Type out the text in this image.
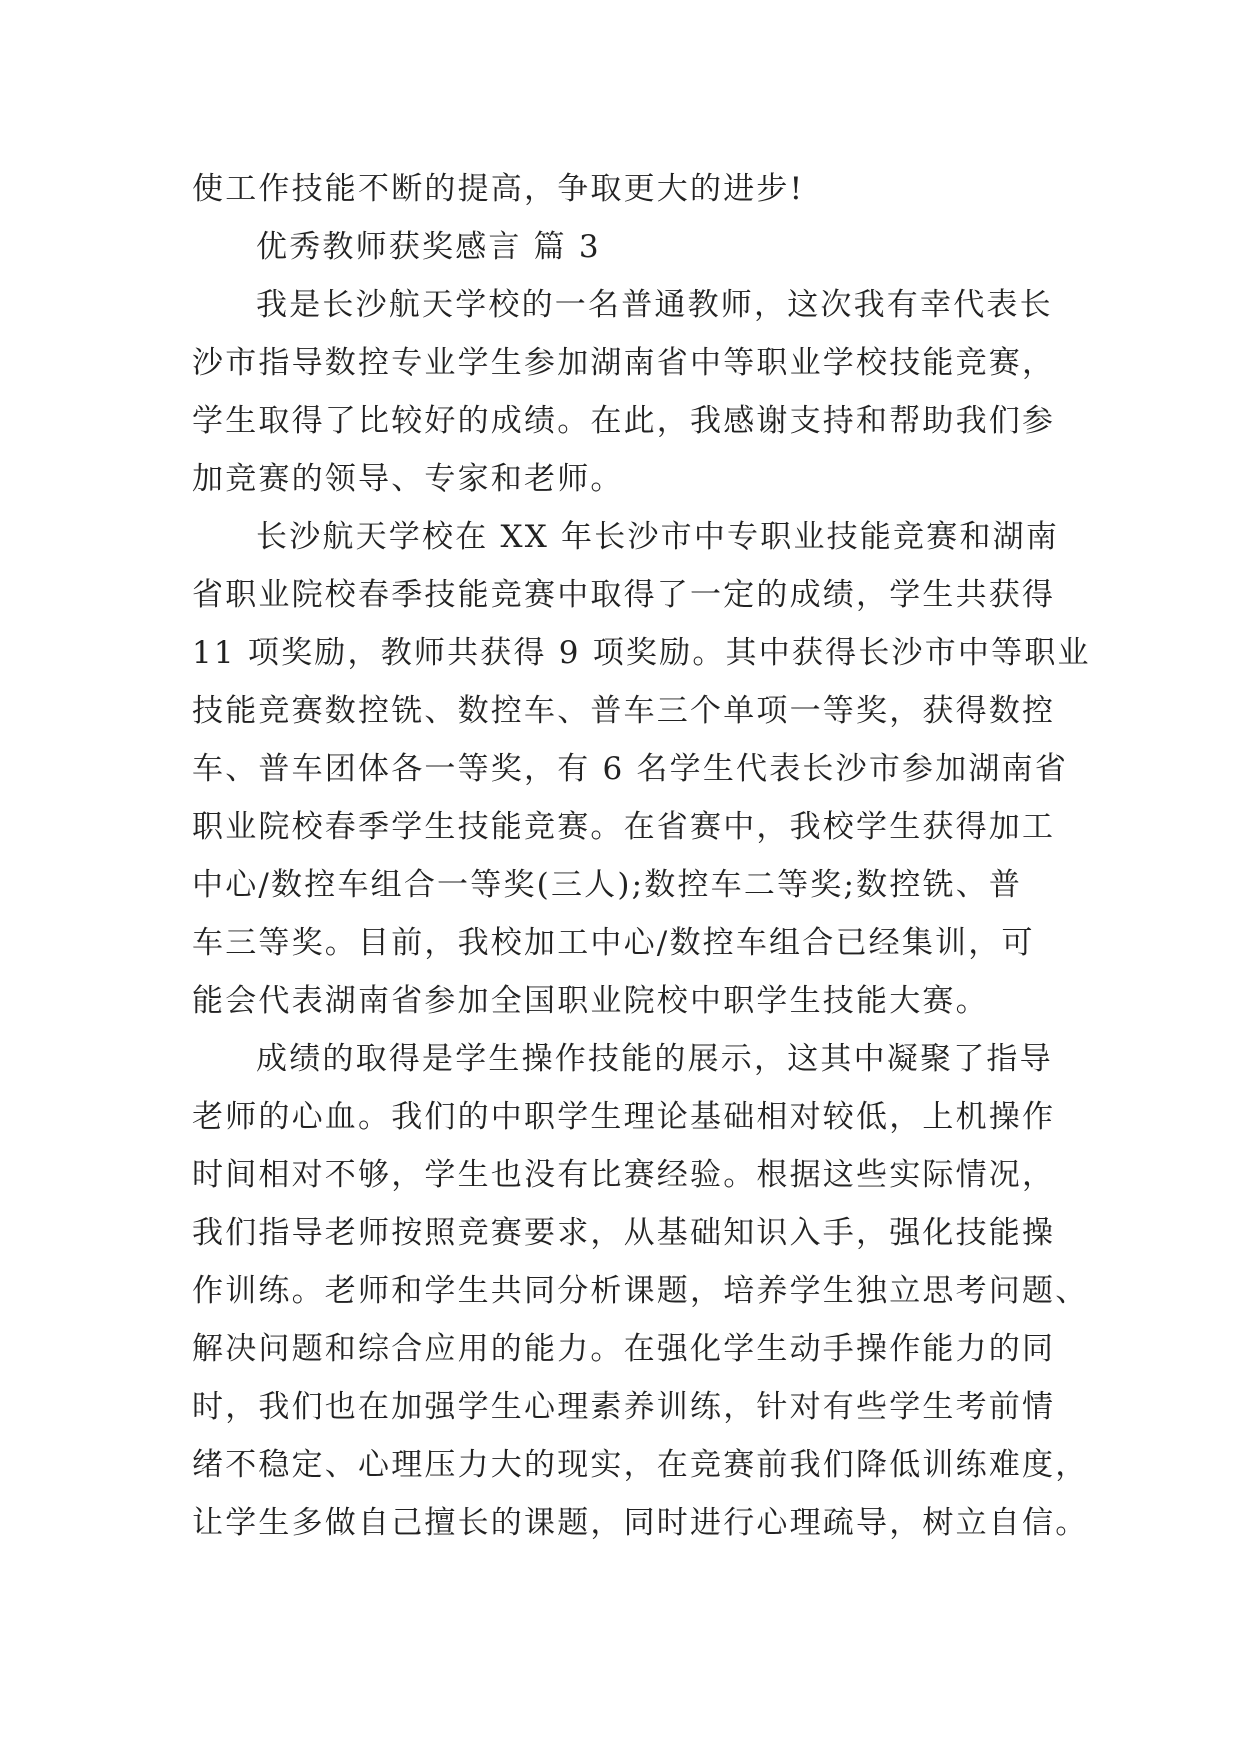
使工作技能不断的提高，争取更大的进步!
优秀教师获奖感言 篇 3
我是长沙航天学校的一名普通教师，这次我有幸代表长
沙市指导数控专业学生参加湖南省中等职业学校技能竞赛，
学生取得了比较好的成绩。在此，我感谢支持和帮助我们参
加竞赛的领导、专家和老师。
长沙航天学校在 XX 年长沙市中专职业技能竞赛和湖南
省职业院校春季技能竞赛中取得了一定的成绩，学生共获得
11 项奖励，教师共获得 9 项奖励。其中获得长沙市中等职业
技能竞赛数控铣、数控车、普车三个单项一等奖，获得数控
车、普车团体各一等奖，有 6 名学生代表长沙市参加湖南省
职业院校春季学生技能竞赛。在省赛中，我校学生获得加工
中心/数控车组合一等奖(三人);数控车二等奖;数控铣、普
车三等奖。目前，我校加工中心/数控车组合已经集训，可
能会代表湖南省参加全国职业院校中职学生技能大赛。
成绩的取得是学生操作技能的展示，这其中凝聚了指导
老师的心血。我们的中职学生理论基础相对较低，上机操作
时间相对不够，学生也没有比赛经验。根据这些实际情况，
我们指导老师按照竞赛要求，从基础知识入手，强化技能操
作训练。老师和学生共同分析课题，培养学生独立思考问题、
解决问题和综合应用的能力。在强化学生动手操作能力的同
时，我们也在加强学生心理素养训练，针对有些学生考前情
绪不稳定、心理压力大的现实，在竞赛前我们降低训练难度，
让学生多做自己擅长的课题，同时进行心理疏导，树立自信。
